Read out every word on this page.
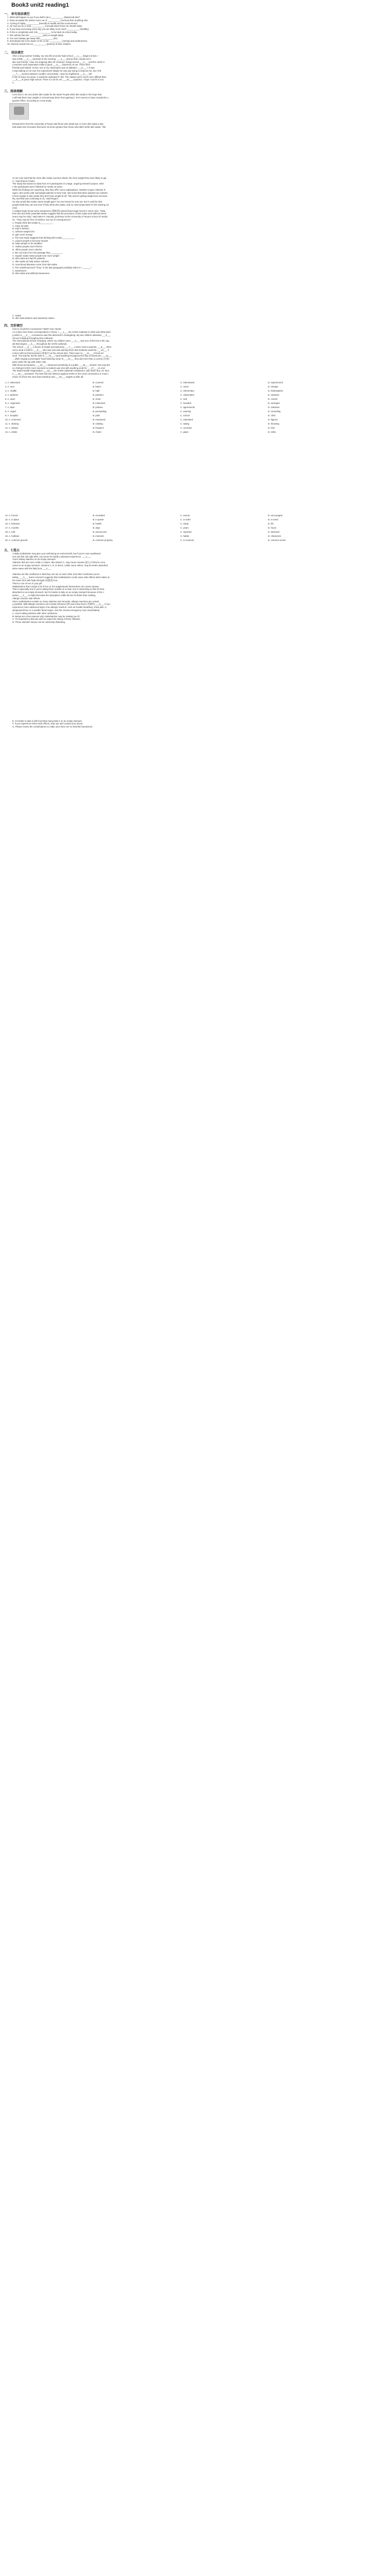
Book3 unit2 reading1
一、 单句语法填空
1. What will happen to you if you didn't eat a __________ (balanced) diet?
2. Rose accepted the advice more out of __________ (curious) than anything else.
3. Cycling is highly __________ (benefit) to health and the environment.
4. He sent me an e-mail, __________ (consult) what choice he should make.
5. If you keep exercising every day you are likely to be much __________ (healthy).
6. If she is completely well, she __________ to be back at school today.
7. She admits that she __________ (put) on weight lately.
8. You can't always get away with __________ (lie).
9. Everybody has to be aware of his or her __________ (strong) and weaknesses.
10. Parents needn't be too __________ (protect) of their children.
二、 语法填空
After a long summer holiday, my new life at senior high school ___1___ (begin) at last. I
was a little ___2___ (anxiety) in the morning. ___3___ (worry) that I would not m
ake new friends. I was not outgoing after all. However, things turned ___4___ just fine. Both m
y teachers and classmates made a good ___5___ (impress) on me. There were
friendly and helpful. In fact, one of my classmates was as talkative ___6___ I. It was
a kept talking to me over the experiment! Maybe he was just trying to impress me, but I felt
___7___ (sense) between couldn't concentrate. I was too frightened ___8___ (tel
l) him to leave me alone. It would be awkward if I did. The classes were much more difficult than
___9___ at junior high school. There is a lot for me ___10___ (explore). I hope I can fit in soo
n.
三、阅读理解
Let's face it. No one drinks diet sodas for the taste! People drink diet sodas in the hope that
t will help them lose weight or at least keep them from gaining it. Yet it seems to have exactly the o
pposite effect, according to a new study.
Researchers from the University of Texas said those who drank two or more diet sodas a day
had waist size increases that were six times greater than those who didn't drink diet sodas. "We
ve are now saw that the more diet sodas a person drank, the more weight they were likely to gai
n," said Sharon Fowler.
The study was based on data from 474 participants in a large, ongoing research project, wher
e the participants were followed for nearly 10 years.
While the findings are surprising, they also offer some explanations. Nutrition expert, Melanie R
ogers, who works with overweight patients in New York, has found that when patients are switche
d from regular to diet sodas they don't lose weight at all. "We weren't getting weight loss necessa
rily, and that was confusing to us," said Rogers.
So why would diet sodas cause weight gain? No one knows for sure yet, but it could be that
people think they can eat more if they drink diet sodas, and so overcompensate for the missing cal
ories.
A related study found some sweeteners (甜味剂) raised blood sugar levels in some mice. "Data
from this and other potential studies suggest that the promotion of diet sodas and artificial sweet
eners may be risky," said Helen P. Hazuda, professor at the University of Texas's school of medici
ne. "They may be free of calories, but not of consequences."
1. People drink diet sodas to__________.
A. enjoy its taste
B. stay in fashion
C. achieve weight loss
D. gain more energy
2. The new study suggests that drinking diet sodas__________.
A. causes people to become heavier
B. helps people to be healthier
C. makes people much thinner
D. offers people more calories
3. We can learn from the passage that__________.
A. regular sodas make people lose more weight
B. diet sodas are bad for patients
C. diet sodas do help reduce calories
D. most blood diseases come from diet sodas
4. The underlined word "They" in the last paragraph probably refers to "_______".
A. sweeteners
B. diet sodas and artificial sweeteners
C. sodas
D. diet soda drinkers and sweetener takers
四、完形填空
How to Avoid the Coronavirus? Wash Your Hands.
As a New York Times correspondent in China, I ___1___ the SARS outbreak in 2002 and 2003 durin
g which a ___2___ coronavirus was first detected in Guangdong. My two children attended ___3___
school in Beijing throughout the outbreak.
The international School of Beijing, where my children were ___4___ was one of the few in the cap
ital that stayed ___5___ throughout the SARS outbreak.
The school ___6___ a bunch of simple precautionary ___7___ a dorm note to parents ___8___ them
not to send a child to ___9___ who was sick and warning them that students would be ___10___ if
a fever with an thermometers (体温计) at the school door. There was no ___11___ of food at l
unch. The teacher led the kids in ___12___ hand washing throughout the day at classroom ___13___
... while singing a prolonged "hand washing song" to ___14___ they did more than a cursory (仓促)
pass under the tap with water only.
With those precautions, ___15___ I observed something of a public ___16___ miracle: Not only did
no child get SARS, but it seemed no student was sick with anything at all for ___17___ on end.
The World Health Organization ___18___ the SARS outbreak contained in July 2003. But, oh, thos
e ___19___ persisted. The best first line defense against SARS or the novel coronavirus or most v
iruses of all are the ones that Grandma and ___20___ taught us after all.
1. A. witnessed	B. covered	C. interviewed	D. experienced
2. A. new	B. latent	C. novel	D. strange
3. A. middle	B. high	C. elementary	D. kindergarten
4. A. patients	B. partners	C. classmates	D. students
5. A. open	B. close	C. sick	D. control
6. A. organized	B. instructed	C. founded	D. arranged
7. A. laws	B. policies	C. agreements	D. solutions
8. A. urged	B. persuading	C. warning	D. reminding
9. A. hospital	B. park	C. school	D. clinic
10. A. screened	B. measured	C. estimated	D. figured
11. A. sharing	B. robbing	C. eating	D. throwing
12. A. always	B. frequent	C. occasion	D. time
13. A. desks	B. chairs	C. pipes	D. sinks
14. A. forced	B. reminded	C. ensure	D. encouraged
15. A. in place	B. in power	C. in order	D. in need
16. A. behavior	B. health	C. study	D. life
17. A. months	B. days	C. years	D. hours
18. A. told	B. announced	C. reported	D. declared
19. A. hobbies	B. interests	C. habits	D. characters
20. A. common ground	B. common property	C. in common	D. common sense
五、七选五
A daily multivitamin may give your well-being an extra benefit, but if you're over-swallowed
one and fish oils right after, you know it's hardly a pleasant experience. ___1___
You're taking vitamins on an empty stomach.
Vitamins that are more acidic in nature, like vitamin C, may cause nausea (恶心) if they're cons
umed on an empty stomach. Vitamins A, D, E and K, unlike some others, may be better absorbed
when eaten with the fatty food ___2___
Vitamins are like medicines in that they can act on each other and other medicines you're
taking. ___3___ Some research suggests that multivitamins could cause side effects when taken at
the same time with high-strength (高强度) iron.
There's a lot of iron in your pill
Multivitamins that contain a lot of iron or hot supplements themselves can cause nausea.
This is especially true if you're taking them outside of a meal. Iron is interesting in that it's best
absorbed on an empty stomach, but it's harder to take on an empty stomach because of the n
ausea ___4___ It might decrease the absorption a little bit but it's better than nothing.
Allergic reaction side effects
Since multivitamins contain so many vitamins and minerals, allergic reactions are certain
y possible. Mild allergic reactions can include itchiness (痒) and a few hives (荨麻疹) ___5___ If you
experience more advanced signs of an allergic reaction, such as trouble breathing, chest pain, a
idespread itches or a swollen facial region, visit the closest emergency room immediately.
A. You're taking vitamins with other medicines.
B. Below are a few reasons why multivitamins may be making you ill.
C. It's important to discuss with an expert the timing of these vitamins.
D. These stomach issues can be extremely disturbing.
E. It's better to take it with food than trying take it on an empty stomach.
F. If you experience these side effects, stop use and contact your doctor.
G. Please review the combinations to make sure there are no harmful interactions.
